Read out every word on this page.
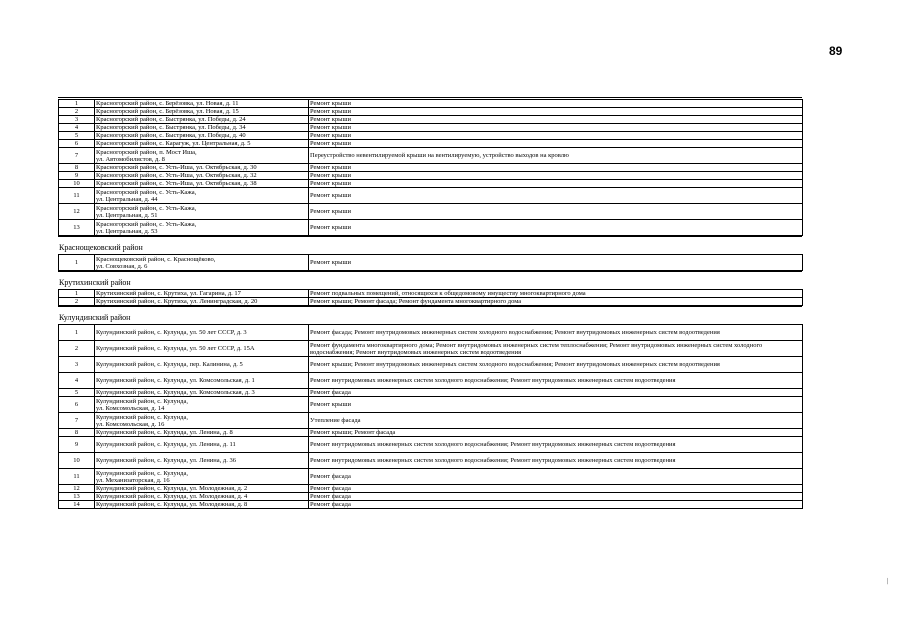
89
1	Красногорский район, с. Берёзовка, ул. Новая, д. 11	Ремонт крыши
2	Красногорский район, с. Берёзовка, ул. Новая, д. 15	Ремонт крыши
3	Красногорский район, с. Быстрянка, ул. Победы, д. 24	Ремонт крыши
4	Красногорский район, с. Быстрянка, ул. Победы, д. 34	Ремонт крыши
5	Красногорский район, с. Быстрянка, ул. Победы, д. 40	Ремонт крыши
6	Красногорский район, с. Карагуж, ул. Центральная, д. 5	Ремонт крыши
7	Красногорский район, п. Мост Иша,
ул. Автомобилистов, д. 8	Переустройство невентилируемой крыши на вентилируемую, устройство выходов на кровлю
8	Красногорский район, с. Усть-Иша, ул. Октябрьская, д. 30	Ремонт крыши
9	Красногорский район, с. Усть-Иша, ул. Октябрьская, д. 32	Ремонт крыши
10	Красногорский район, с. Усть-Иша, ул. Октябрьская, д. 38	Ремонт крыши
11	Красногорский район, с. Усть-Кажа,
ул. Центральная, д. 44	Ремонт крыши
12	Красногорский район, с. Усть-Кажа,
ул. Центральная, д. 51	Ремонт крыши
13	Красногорский район, с. Усть-Кажа,
ул. Центральная, д. 53	Ремонт крыши
Краснощековский район
1	Краснощековский район, с. Краснощёково,
ул. Совхозная, д. 6	Ремонт крыши
Крутихинский район
1	Крутихинский район, с. Крутиха, ул. Гагарина, д. 17	Ремонт подвальных помещений, относящихся к общедомовому имуществу многоквартирного дома
2	Крутихинский район, с. Крутиха, ул. Ленинградская, д. 20	Ремонт крыши; Ремонт фасада; Ремонт фундамента многоквартирного дома
Кулундинский район
1	Кулундинский район, с. Кулунда, ул. 50 лет СССР, д. 3	Ремонт фасада; Ремонт внутридомовых инженерных систем холодного водоснабжения; Ремонт внутридомовых инженерных систем водоотведения
2	Кулундинский район, с. Кулунда, ул. 50 лет СССР, д. 15А	Ремонт фундамента многоквартирного дома; Ремонт внутридомовых инженерных систем теплоснабжения; Ремонт внутридомовых инженерных систем холодного водоснабжения; Ремонт внутридомовых инженерных систем водоотведения
3	Кулундинский район, с. Кулунда, пер. Калинина, д. 5	Ремонт крыши; Ремонт внутридомовых инженерных систем холодного водоснабжения; Ремонт внутридомовых инженерных систем водоотведения
4	Кулундинский район, с. Кулунда, ул. Комсомольская, д. 1	Ремонт внутридомовых инженерных систем холодного водоснабжения; Ремонт внутридомовых инженерных систем водоотведения
5	Кулундинский район, с. Кулунда, ул. Комсомольская, д. 3	Ремонт фасада
6	Кулундинский район, с. Кулунда,
ул. Комсомольская, д. 14	Ремонт крыши
7	Кулундинский район, с. Кулунда,
ул. Комсомольская, д. 16	Утепление фасада
8	Кулундинский район, с. Кулунда, ул. Ленина, д. 8	Ремонт крыши; Ремонт фасада
9	Кулундинский район, с. Кулунда, ул. Ленина, д. 11	Ремонт внутридомовых инженерных систем холодного водоснабжения; Ремонт внутридомовых инженерных систем водоотведения
10	Кулундинский район, с. Кулунда, ул. Ленина, д. 36	Ремонт внутридомовых инженерных систем холодного водоснабжения; Ремонт внутридомовых инженерных систем водоотведения
11	Кулундинский район, с. Кулунда,
ул. Механизаторская, д. 16	Ремонт фасада
12	Кулундинский район, с. Кулунда, ул. Молодежная, д. 2	Ремонт фасада
13	Кулундинский район, с. Кулунда, ул. Молодежная, д. 4	Ремонт фасада
14	Кулундинский район, с. Кулунда, ул. Молодежная, д. 8	Ремонт фасада
/
